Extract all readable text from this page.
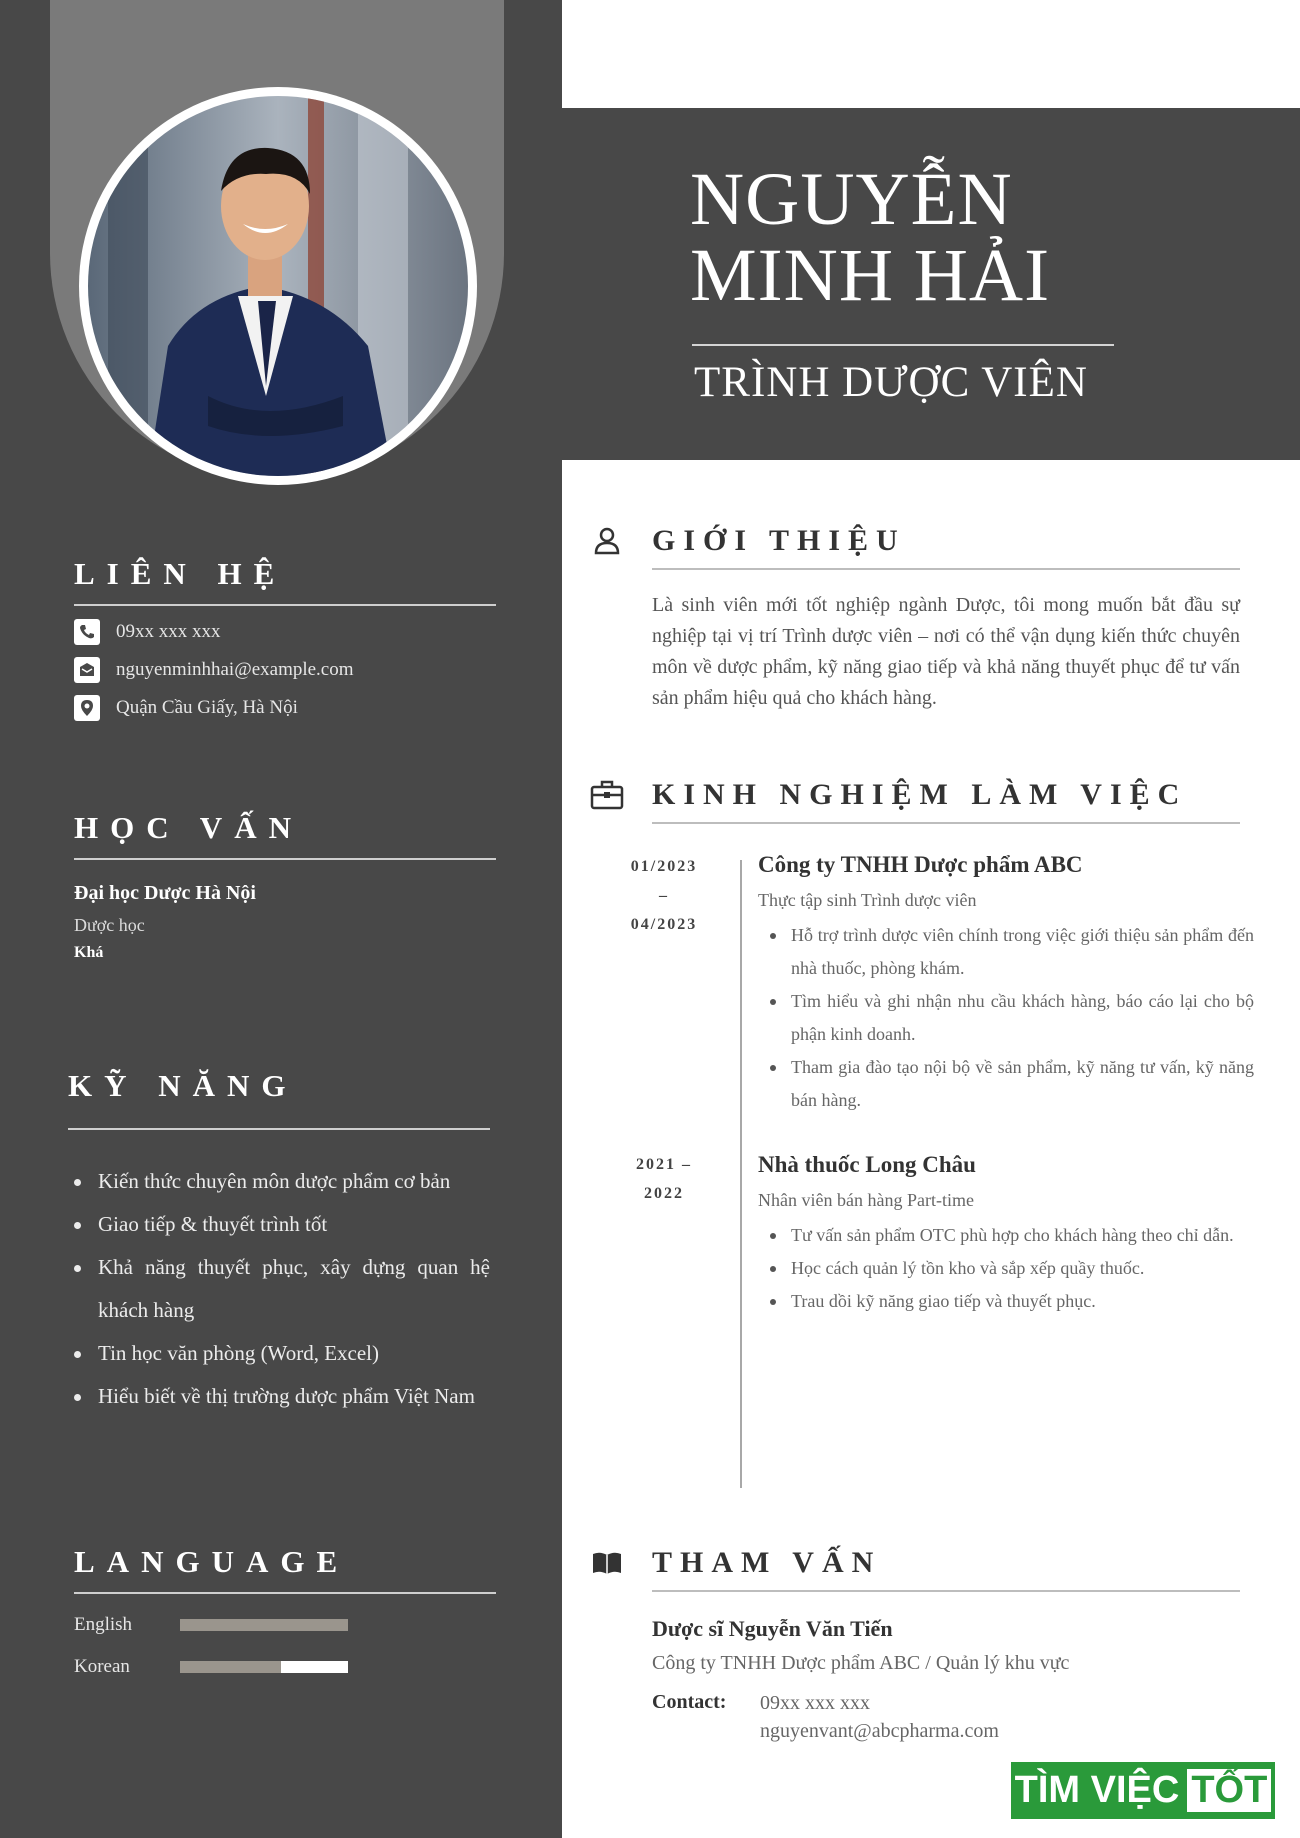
LIÊN HỆ
09xx xxx xxx
nguyenminhhai@example.com
Quận Cầu Giấy, Hà Nội
HỌC VẤN
Đại học Dược Hà Nội
Dược học
Khá
KỸ NĂNG
Kiến thức chuyên môn dược phẩm cơ bản
Giao tiếp & thuyết trình tốt
Khả năng thuyết phục, xây dựng quan hệ khách hàng
Tin học văn phòng (Word, Excel)
Hiểu biết về thị trường dược phẩm Việt Nam
LANGUAGE
English
Korean
NGUYỄN
MINH HẢI
TRÌNH DƯỢC VIÊN
GIỚI THIỆU

Là sinh viên mới tốt nghiệp ngành Dược, tôi mong muốn bắt đầu sự nghiệp tại vị trí Trình dược viên – nơi có thể vận dụng kiến thức chuyên môn về dược phẩm, kỹ năng giao tiếp và khả năng thuyết phục để tư vấn sản phẩm hiệu quả cho khách hàng.

KINH NGHIỆM LÀM VIỆC
01/2023
–
04/2023
Công ty TNHH Dược phẩm ABC
Thực tập sinh Trình dược viên
Hỗ trợ trình dược viên chính trong việc giới thiệu sản phẩm đến nhà thuốc, phòng khám.
Tìm hiểu và ghi nhận nhu cầu khách hàng, báo cáo lại cho bộ phận kinh doanh.
Tham gia đào tạo nội bộ về sản phẩm, kỹ năng tư vấn, kỹ năng bán hàng.
2021 –
2022
Nhà thuốc Long Châu
Nhân viên bán hàng Part-time
Tư vấn sản phẩm OTC phù hợp cho khách hàng theo chỉ dẫn.
Học cách quản lý tồn kho và sắp xếp quầy thuốc.
Trau dồi kỹ năng giao tiếp và thuyết phục.
THAM VẤN
Dược sĩ Nguyễn Văn Tiến
Công ty TNHH Dược phẩm ABC / Quản lý khu vực
Contact:	09xx xxx xxx
nguyenvant@abcpharma.com
TÌM VIỆC TỐT
